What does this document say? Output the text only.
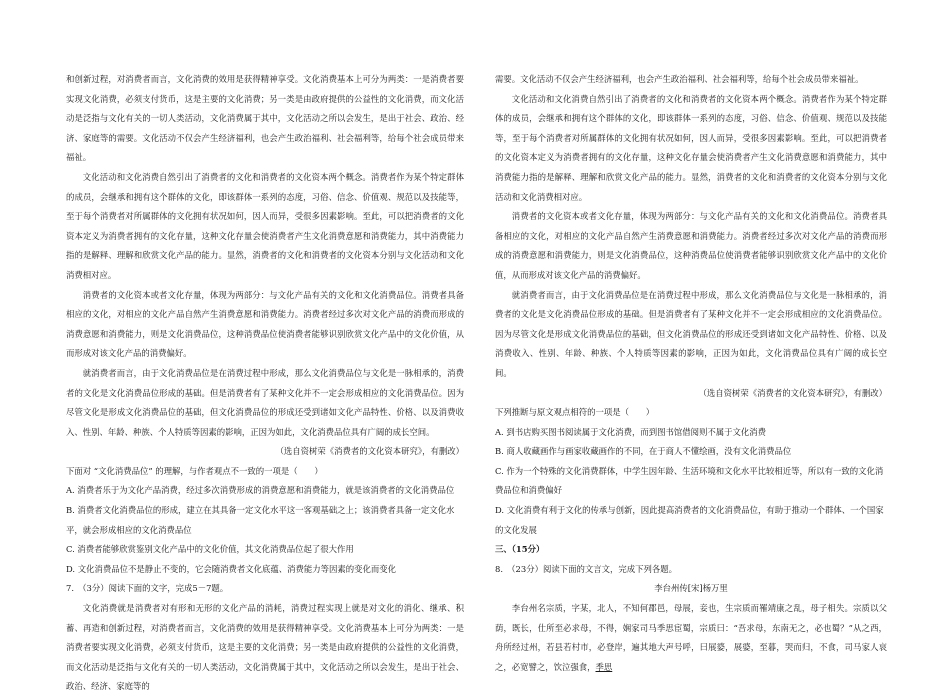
和创新过程，对消费者而言，文化消费的效用是获得精神享受。文化消费基本上可分为两类：一是消费者要实现文化消费，必须支付货币，这是主要的文化消费；另一类是由政府提供的公益性的文化消费，而文化活动是泛指与文化有关的一切人类活动，文化消费属于其中，文化活动之所以会发生，是出于社会、政治、经济、家庭等的需要。文化活动不仅会产生经济福利，也会产生政治福利、社会福利等，给每个社会成员带来福祉。

文化活动和文化消费自然引出了消费者的文化和消费者的文化资本两个概念。消费者作为某个特定群体的成员，会继承和拥有这个群体的文化，即该群体一系列的态度，习俗、信念、价值观、规范以及技能等，至于每个消费者对所属群体的文化拥有状况如何，因人而异，受很多因素影响。至此，可以把消费者的文化资本定义为消费者拥有的文化存量，这种文化存量会使消费者产生文化消费意愿和消费能力，其中消费能力指的是解释、理解和欣赏文化产品的能力。显然，消费者的文化和消费者的文化资本分别与文化活动和文化消费相对应。

消费者的文化资本或者文化存量，体现为两部分：与文化产品有关的文化和文化消费品位。消费者具备相应的文化，对相应的文化产品自然产生消费意愿和消费能力。消费者经过多次对文化产品的消费而形成的消费意愿和消费能力，则是文化消费品位，这种消费品位使消费者能够识别欣赏文化产品中的文化价值，从而形成对该文化产品的消费偏好。

就消费者而言，由于文化消费品位是在消费过程中形成，那么文化消费品位与文化是一脉相承的，消费者的文化是文化消费品位形成的基础。但是消费者有了某种文化并不一定会形成相应的文化消费品位。因为尽管文化是形成文化消费品位的基础，但文化消费品位的形成还受到诸如文化产品特性、价格、以及消费收入、性别、年龄、种族、个人特质等因素的影响，正因为如此，文化消费品位具有广阔的成长空间。

（选自资树荣《消费者的文化资本研究》，有删改）

下面对 “文化消费品位” 的理解，与作者观点不一致的一项是（　　）

A. 消费者乐于为文化产品消费，经过多次消费形成的消费意愿和消费能力，就是该消费者的文化消费品位

B. 消费者文化消费品位的形成，建立在其具备一定文化水平这一客观基础之上；该消费者具备一定文化水平，就会形成相应的文化消费品位

C. 消费者能够欣赏鉴别文化产品中的文化价值，其文化消费品位起了很大作用

D. 文化消费品位不是静止不变的，它会随消费者文化底蕴、消费能力等因素的变化而变化

7.　（3分）阅读下面的文字，完成5－7题。

文化消费就是消费者对有形和无形的文化产品的消耗，消费过程实现上就是对文化的消化、继承、积蓄、再造和创新过程，对消费者而言，文化消费的效用是获得精神享受。文化消费基本上可分为两类：一是消费者要实现文化消费，必须支付货币，这是主要的文化消费；另一类是由政府提供的公益性的文化消费，而文化活动是泛指与文化有关的一切人类活动，文化消费属于其中，文化活动之所以会发生，是出于社会、政治、经济、家庭等的

需要。文化活动不仅会产生经济福利，也会产生政治福利、社会福利等，给每个社会成员带来福祉。

文化活动和文化消费自然引出了消费者的文化和消费者的文化资本两个概念。消费者作为某个特定群体的成员，会继承和拥有这个群体的文化，即该群体一系列的态度，习俗、信念、价值观、规范以及技能等，至于每个消费者对所属群体的文化拥有状况如何，因人而异，受很多因素影响。至此，可以把消费者的文化资本定义为消费者拥有的文化存量，这种文化存量会使消费者产生文化消费意愿和消费能力，其中消费能力指的是解释、理解和欣赏文化产品的能力。显然，消费者的文化和消费者的文化资本分别与文化活动和文化消费相对应。

消费者的文化资本或者文化存量，体现为两部分：与文化产品有关的文化和文化消费品位。消费者具备相应的文化，对相应的文化产品自然产生消费意愿和消费能力。消费者经过多次对文化产品的消费而形成的消费意愿和消费能力，则是文化消费品位，这种消费品位使消费者能够识别欣赏文化产品中的文化价值，从而形成对该文化产品的消费偏好。

就消费者而言，由于文化消费品位是在消费过程中形成，那么文化消费品位与文化是一脉相承的，消费者的文化是文化消费品位形成的基础。但是消费者有了某种文化并不一定会形成相应的文化消费品位。因为尽管文化是形成文化消费品位的基础，但文化消费品位的形成还受到诸如文化产品特性、价格、以及消费收入、性别、年龄、种族、个人特质等因素的影响，正因为如此，文化消费品位具有广阔的成长空间。

（选自资树荣《消费者的文化资本研究》，有删改）

下列推断与原文观点相符的一项是（　　）

A. 到书店购买图书阅读属于文化消费，而到图书馆借阅则不属于文化消费

B. 商人收藏画作与画家收藏画作的不同，在于商人不懂绘画，没有文化消费品位

C. 作为一个特殊的文化消费群体，中学生因年龄、生活环境和文化水平比较相近等，所以有一致的文化消费品位和消费偏好

D. 文化消费有利于文化的传承与创新，因此提高消费者的文化消费品位，有助于推动一个群体、一个国家的文化发展

三、（15分）

8.　（23分）阅读下面的文言文，完成下列各题。

李台州传[宋]杨万里

李台州名宗质，字某，北人，不知何郡邑，母展，妾也，生宗质而罹靖康之乱，母子相失。宗质以父荫，既长，仕所至必求母，不得，娴家司马季思宦蜀，宗质曰：“吾求母，东南无之，必也蜀？”从之西，舟所经过州，若县若村市，必登岸，遍其地大声号呼，曰展婆，展婆，至暮，哭而归，不食，司马家人哀之，必宽譬之，饮泣强食，季思
